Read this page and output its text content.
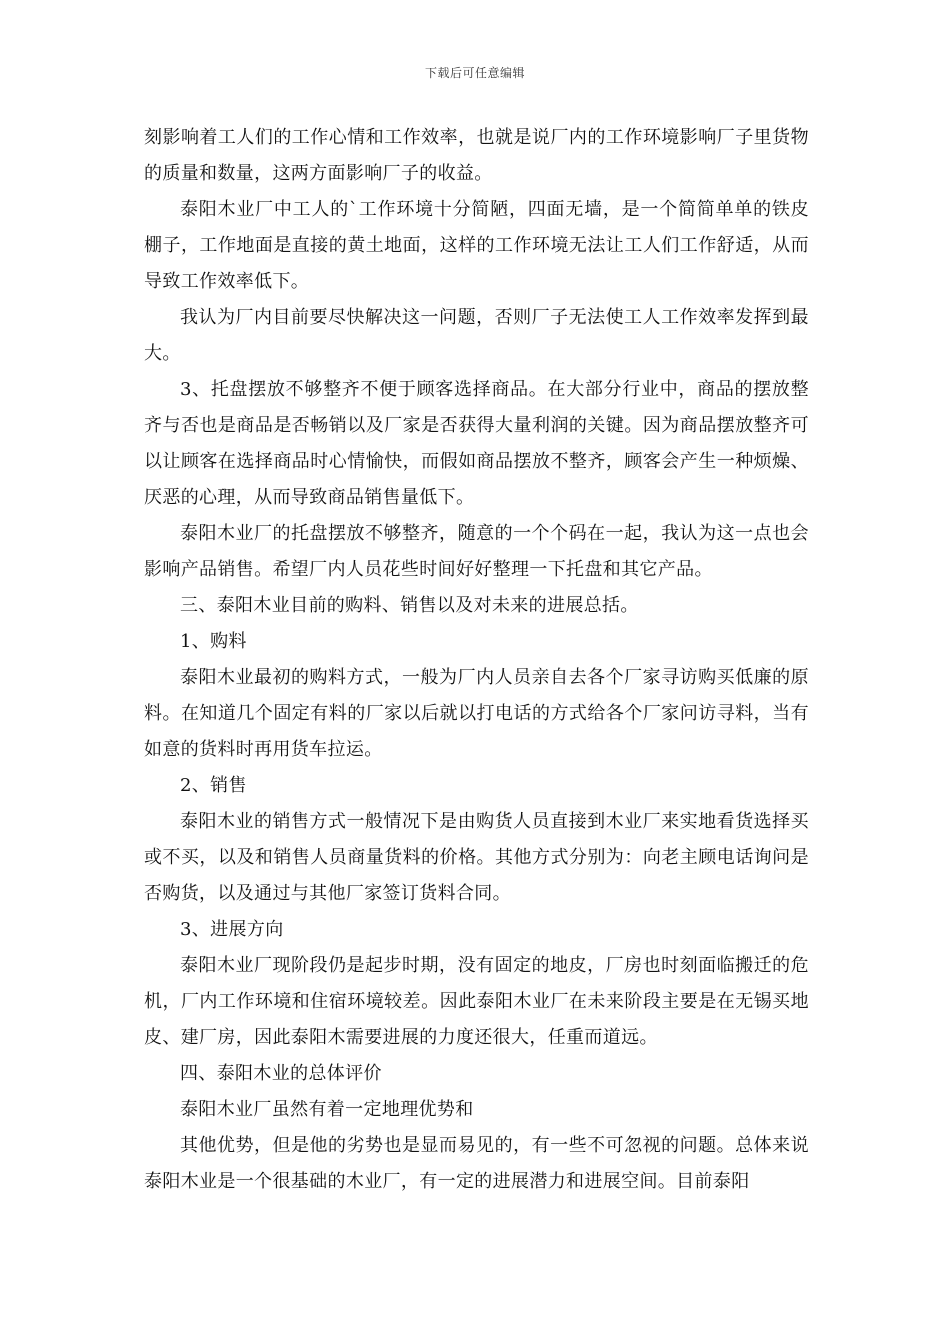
下载后可任意编辑

刻影响着工人们的工作心情和工作效率，也就是说厂内的工作环境影响厂子里货物的质量和数量，这两方面影响厂子的收益。

泰阳木业厂中工人的`工作环境十分简陋，四面无墙，是一个简简单单的铁皮棚子，工作地面是直接的黄土地面，这样的工作环境无法让工人们工作舒适，从而导致工作效率低下。

我认为厂内目前要尽快解决这一问题，否则厂子无法使工人工作效率发挥到最大。

3、托盘摆放不够整齐不便于顾客选择商品。在大部分行业中，商品的摆放整齐与否也是商品是否畅销以及厂家是否获得大量利润的关键。因为商品摆放整齐可以让顾客在选择商品时心情愉快，而假如商品摆放不整齐，顾客会产生一种烦燥、厌恶的心理，从而导致商品销售量低下。

泰阳木业厂的托盘摆放不够整齐，随意的一个个码在一起，我认为这一点也会影响产品销售。希望厂内人员花些时间好好整理一下托盘和其它产品。

三、泰阳木业目前的购料、销售以及对未来的进展总括。

1、购料

泰阳木业最初的购料方式，一般为厂内人员亲自去各个厂家寻访购买低廉的原料。在知道几个固定有料的厂家以后就以打电话的方式给各个厂家问访寻料，当有如意的货料时再用货车拉运。

2、销售

泰阳木业的销售方式一般情况下是由购货人员直接到木业厂来实地看货选择买或不买，以及和销售人员商量货料的价格。其他方式分别为：向老主顾电话询问是否购货，以及通过与其他厂家签订货料合同。

3、进展方向

泰阳木业厂现阶段仍是起步时期，没有固定的地皮，厂房也时刻面临搬迁的危机，厂内工作环境和住宿环境较差。因此泰阳木业厂在未来阶段主要是在无锡买地皮、建厂房，因此泰阳木需要进展的力度还很大，任重而道远。

四、泰阳木业的总体评价

泰阳木业厂虽然有着一定地理优势和

其他优势，但是他的劣势也是显而易见的，有一些不可忽视的问题。总体来说泰阳木业是一个很基础的木业厂，有一定的进展潜力和进展空间。目前泰阳
